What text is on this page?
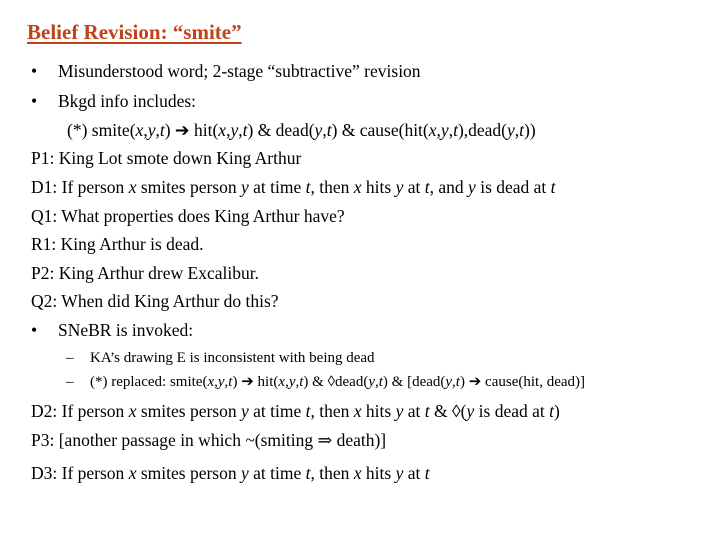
Belief Revision: “smite”
• Misunderstood word; 2-stage “subtractive” revision
• Bkgd info includes:
(*) smite(x,y,t) ➔ hit(x,y,t) & dead(y,t) & cause(hit(x,y,t),dead(y,t))
P1: King Lot smote down King Arthur
D1: If person x smites person y at time t, then x hits y at t, and y is dead at t
Q1: What properties does King Arthur have?
R1: King Arthur is dead.
P2: King Arthur drew Excalibur.
Q2: When did King Arthur do this?
• SNeBR is invoked:
– KA’s drawing E is inconsistent with being dead
– (*) replaced: smite(x,y,t) ➔ hit(x,y,t) & ◊dead(y,t) & [dead(y,t) ➔ cause(hit, dead)]
D2: If person x smites person y at time t, then x hits y at t & ◊(y is dead at t)
P3: [another passage in which ~(smiting ⇒ death)]
D3: If person x smites person y at time t, then x hits y at t
